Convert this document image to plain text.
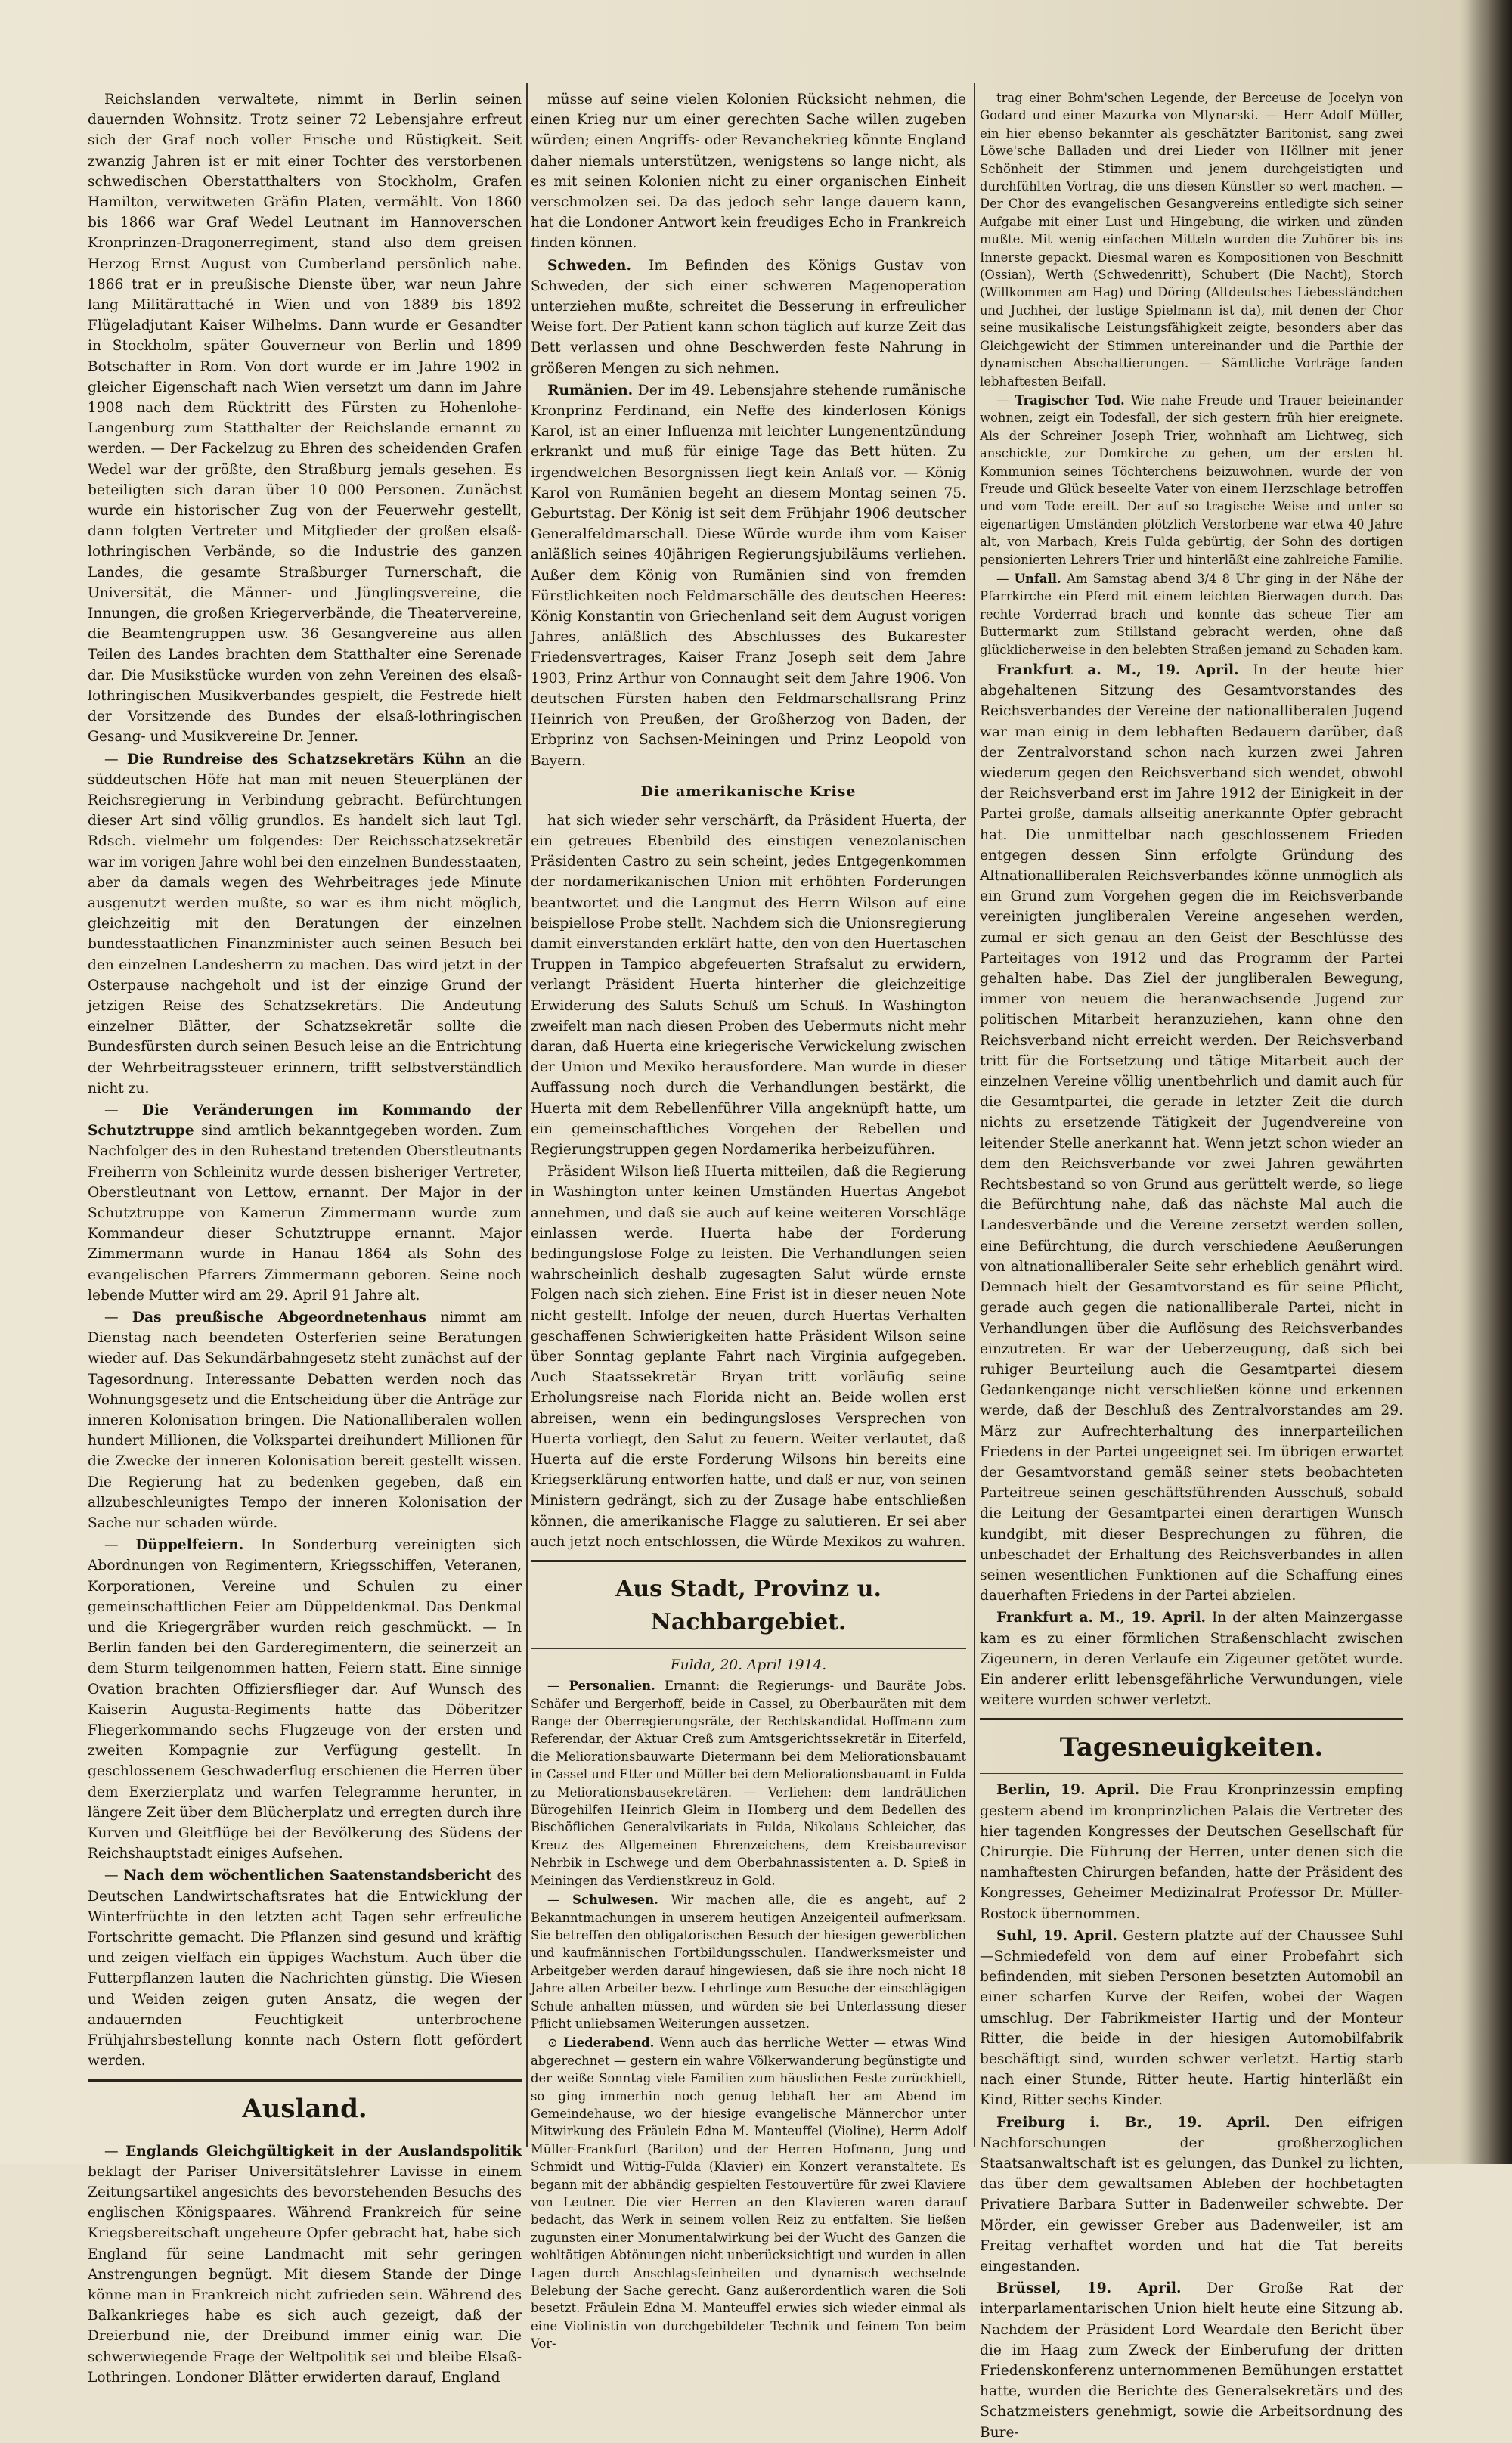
Reichslanden verwaltete, nimmt in Berlin seinen dauernden Wohnsitz. Trotz seiner 72 Lebensjahre erfreut sich der Graf noch voller Frische und Rüstigkeit. Seit zwanzig Jahren ist er mit einer Tochter des verstorbenen schwedischen Oberstatthalters von Stockholm, Grafen Hamilton, verwitweten Gräfin Platen, vermählt. Von 1860 bis 1866 war Graf Wedel Leutnant im Hannoverschen Kronprinzen-Dragonerregiment, stand also dem greisen Herzog Ernst August von Cumberland persönlich nahe. 1866 trat er in preußische Dienste über, war neun Jahre lang Militärattaché in Wien und von 1889 bis 1892 Flügeladjutant Kaiser Wilhelms. Dann wurde er Gesandter in Stockholm, später Gouverneur von Berlin und 1899 Botschafter in Rom. Von dort wurde er im Jahre 1902 in gleicher Eigenschaft nach Wien versetzt um dann im Jahre 1908 nach dem Rücktritt des Fürsten zu Hohenlohe-Langenburg zum Statthalter der Reichslande ernannt zu werden. — Der Fackelzug zu Ehren des scheidenden Grafen Wedel war der größte, den Straßburg jemals gesehen. Es beteiligten sich daran über 10 000 Personen. Zunächst wurde ein historischer Zug von der Feuerwehr gestellt, dann folgten Vertreter und Mitglieder der großen elsaß-lothringischen Verbände, so die Industrie des ganzen Landes, die gesamte Straßburger Turnerschaft, die Universität, die Männer- und Jünglingsvereine, die Innungen, die großen Kriegerverbände, die Theatervereine, die Beamtengruppen usw. 36 Gesangvereine aus allen Teilen des Landes brachten dem Statthalter eine Serenade dar. Die Musikstücke wurden von zehn Vereinen des elsaß-lothringischen Musikverbandes gespielt, die Festrede hielt der Vorsitzende des Bundes der elsaß-lothringischen Gesang- und Musikvereine Dr. Jenner.

— Die Rundreise des Schatzsekretärs Kühn an die süddeutschen Höfe hat man mit neuen Steuerplänen der Reichsregierung in Verbindung gebracht. Befürchtungen dieser Art sind völlig grundlos. Es handelt sich laut Tgl. Rdsch. vielmehr um folgendes: Der Reichsschatzsekretär war im vorigen Jahre wohl bei den einzelnen Bundesstaaten, aber da damals wegen des Wehrbeitrages jede Minute ausgenutzt werden mußte, so war es ihm nicht möglich, gleichzeitig mit den Beratungen der einzelnen bundesstaatlichen Finanzminister auch seinen Besuch bei den einzelnen Landesherrn zu machen. Das wird jetzt in der Osterpause nachgeholt und ist der einzige Grund der jetzigen Reise des Schatzsekretärs. Die Andeutung einzelner Blätter, der Schatzsekretär sollte die Bundesfürsten durch seinen Besuch leise an die Entrichtung der Wehrbeitragssteuer erinnern, trifft selbstverständlich nicht zu.

— Die Veränderungen im Kommando der Schutztruppe sind amtlich bekanntgegeben worden. Zum Nachfolger des in den Ruhestand tretenden Oberstleutnants Freiherrn von Schleinitz wurde dessen bisheriger Vertreter, Oberstleutnant von Lettow, ernannt. Der Major in der Schutztruppe von Kamerun Zimmermann wurde zum Kommandeur dieser Schutztruppe ernannt. Major Zimmermann wurde in Hanau 1864 als Sohn des evangelischen Pfarrers Zimmermann geboren. Seine noch lebende Mutter wird am 29. April 91 Jahre alt.

— Das preußische Abgeordnetenhaus nimmt am Dienstag nach beendeten Osterferien seine Beratungen wieder auf. Das Sekundärbahngesetz steht zunächst auf der Tagesordnung. Interessante Debatten werden noch das Wohnungsgesetz und die Entscheidung über die Anträge zur inneren Kolonisation bringen. Die Nationalliberalen wollen hundert Millionen, die Volkspartei dreihundert Millionen für die Zwecke der inneren Kolonisation bereit gestellt wissen. Die Regierung hat zu bedenken gegeben, daß ein allzubeschleunigtes Tempo der inneren Kolonisation der Sache nur schaden würde.

— Düppelfeiern. In Sonderburg vereinigten sich Abordnungen von Regimentern, Kriegsschiffen, Veteranen, Korporationen, Vereine und Schulen zu einer gemeinschaftlichen Feier am Düppeldenkmal. Das Denkmal und die Kriegergräber wurden reich geschmückt. — In Berlin fanden bei den Garderegimentern, die seinerzeit an dem Sturm teilgenommen hatten, Feiern statt. Eine sinnige Ovation brachten Offiziersflieger dar. Auf Wunsch des Kaiserin Augusta-Regiments hatte das Döberitzer Fliegerkommando sechs Flugzeuge von der ersten und zweiten Kompagnie zur Verfügung gestellt. In geschlossenem Geschwaderflug erschienen die Herren über dem Exerzierplatz und warfen Telegramme herunter, in längere Zeit über dem Blücherplatz und erregten durch ihre Kurven und Gleitflüge bei der Bevölkerung des Südens der Reichshauptstadt einiges Aufsehen.

— Nach dem wöchentlichen Saatenstandsbericht des Deutschen Landwirtschaftsrates hat die Entwicklung der Winterfrüchte in den letzten acht Tagen sehr erfreuliche Fortschritte gemacht. Die Pflanzen sind gesund und kräftig und zeigen vielfach ein üppiges Wachstum. Auch über die Futterpflanzen lauten die Nachrichten günstig. Die Wiesen und Weiden zeigen guten Ansatz, die wegen der andauernden Feuchtigkeit unterbrochene Frühjahrsbestellung konnte nach Ostern flott gefördert werden.

Ausland.

— Englands Gleichgültigkeit in der Auslandspolitik beklagt der Pariser Universitätslehrer Lavisse in einem Zeitungsartikel angesichts des bevorstehenden Besuchs des englischen Königspaares. Während Frankreich für seine Kriegsbereitschaft ungeheure Opfer gebracht hat, habe sich England für seine Landmacht mit sehr geringen Anstrengungen begnügt. Mit diesem Stande der Dinge könne man in Frankreich nicht zufrieden sein. Während des Balkankrieges habe es sich auch gezeigt, daß der Dreierbund nie, der Dreibund immer einig war. Die schwerwiegende Frage der Weltpolitik sei und bleibe Elsaß-Lothringen. Londoner Blätter erwiderten darauf, England

müsse auf seine vielen Kolonien Rücksicht nehmen, die einen Krieg nur um einer gerechten Sache willen zugeben würden; einen Angriffs- oder Revanchekrieg könnte England daher niemals unterstützen, wenigstens so lange nicht, als es mit seinen Kolonien nicht zu einer organischen Einheit verschmolzen sei. Da das jedoch sehr lange dauern kann, hat die Londoner Antwort kein freudiges Echo in Frankreich finden können.

Schweden. Im Befinden des Königs Gustav von Schweden, der sich einer schweren Magenoperation unterziehen mußte, schreitet die Besserung in erfreulicher Weise fort. Der Patient kann schon täglich auf kurze Zeit das Bett verlassen und ohne Beschwerden feste Nahrung in größeren Mengen zu sich nehmen.

Rumänien. Der im 49. Lebensjahre stehende rumänische Kronprinz Ferdinand, ein Neffe des kinderlosen Königs Karol, ist an einer Influenza mit leichter Lungenentzündung erkrankt und muß für einige Tage das Bett hüten. Zu irgendwelchen Besorgnissen liegt kein Anlaß vor. — König Karol von Rumänien begeht an diesem Montag seinen 75. Geburtstag. Der König ist seit dem Frühjahr 1906 deutscher Generalfeldmarschall. Diese Würde wurde ihm vom Kaiser anläßlich seines 40jährigen Regierungsjubiläums verliehen. Außer dem König von Rumänien sind von fremden Fürstlichkeiten noch Feldmarschälle des deutschen Heeres: König Konstantin von Griechenland seit dem August vorigen Jahres, anläßlich des Abschlusses des Bukarester Friedensvertrages, Kaiser Franz Joseph seit dem Jahre 1903, Prinz Arthur von Connaught seit dem Jahre 1906. Von deutschen Fürsten haben den Feldmarschallsrang Prinz Heinrich von Preußen, der Großherzog von Baden, der Erbprinz von Sachsen-Meiningen und Prinz Leopold von Bayern.

Die amerikanische Krise

hat sich wieder sehr verschärft, da Präsident Huerta, der ein getreues Ebenbild des einstigen venezolanischen Präsidenten Castro zu sein scheint, jedes Entgegenkommen der nordamerikanischen Union mit erhöhten Forderungen beantwortet und die Langmut des Herrn Wilson auf eine beispiellose Probe stellt. Nachdem sich die Unionsregierung damit einverstanden erklärt hatte, den von den Huertaschen Truppen in Tampico abgefeuerten Strafsalut zu erwidern, verlangt Präsident Huerta hinterher die gleichzeitige Erwiderung des Saluts Schuß um Schuß. In Washington zweifelt man nach diesen Proben des Uebermuts nicht mehr daran, daß Huerta eine kriegerische Verwickelung zwischen der Union und Mexiko herausfordere. Man wurde in dieser Auffassung noch durch die Verhandlungen bestärkt, die Huerta mit dem Rebellenführer Villa angeknüpft hatte, um ein gemeinschaftliches Vorgehen der Rebellen und Regierungstruppen gegen Nordamerika herbeizuführen.

Präsident Wilson ließ Huerta mitteilen, daß die Regierung in Washington unter keinen Umständen Huertas Angebot annehmen, und daß sie auch auf keine weiteren Vorschläge einlassen werde. Huerta habe der Forderung bedingungslose Folge zu leisten. Die Verhandlungen seien wahrscheinlich deshalb zugesagten Salut würde ernste Folgen nach sich ziehen. Eine Frist ist in dieser neuen Note nicht gestellt. Infolge der neuen, durch Huertas Verhalten geschaffenen Schwierigkeiten hatte Präsident Wilson seine über Sonntag geplante Fahrt nach Virginia aufgegeben. Auch Staatssekretär Bryan tritt vorläufig seine Erholungsreise nach Florida nicht an. Beide wollen erst abreisen, wenn ein bedingungsloses Versprechen von Huerta vorliegt, den Salut zu feuern. Weiter verlautet, daß Huerta auf die erste Forderung Wilsons hin bereits eine Kriegserklärung entworfen hatte, und daß er nur, von seinen Ministern gedrängt, sich zu der Zusage habe entschließen können, die amerikanische Flagge zu salutieren. Er sei aber auch jetzt noch entschlossen, die Würde Mexikos zu wahren.

Aus Stadt, Provinz u. Nachbargebiet.

Fulda, 20. April 1914.

— Personalien. Ernannt: die Regierungs- und Bauräte Jobs. Schäfer und Bergerhoff, beide in Cassel, zu Oberbauräten mit dem Range der Oberregierungsräte, der Rechtskandidat Hoffmann zum Referendar, der Aktuar Creß zum Amtsgerichtssekretär in Eiterfeld, die Meliorationsbauwarte Dietermann bei dem Meliorationsbauamt in Cassel und Etter und Müller bei dem Meliorationsbauamt in Fulda zu Meliorationsbausekretären. — Verliehen: dem landrätlichen Bürogehilfen Heinrich Gleim in Homberg und dem Bedellen des Bischöflichen Generalvikariats in Fulda, Nikolaus Schleicher, das Kreuz des Allgemeinen Ehrenzeichens, dem Kreisbaurevisor Nehrbik in Eschwege und dem Oberbahnassistenten a. D. Spieß in Meiningen das Verdienstkreuz in Gold.

— Schulwesen. Wir machen alle, die es angeht, auf 2 Bekanntmachungen in unserem heutigen Anzeigenteil aufmerksam. Sie betreffen den obligatorischen Besuch der hiesigen gewerblichen und kaufmännischen Fortbildungsschulen. Handwerksmeister und Arbeitgeber werden darauf hingewiesen, daß sie ihre noch nicht 18 Jahre alten Arbeiter bezw. Lehrlinge zum Besuche der einschlägigen Schule anhalten müssen, und würden sie bei Unterlassung dieser Pflicht unliebsamen Weiterungen aussetzen.

⊙ Liederabend. Wenn auch das herrliche Wetter — etwas Wind abgerechnet — gestern ein wahre Völkerwanderung begünstigte und der weiße Sonntag viele Familien zum häuslichen Feste zurückhielt, so ging immerhin noch genug lebhaft her am Abend im Gemeindehause, wo der hiesige evangelische Männerchor unter Mitwirkung des Fräulein Edna M. Manteuffel (Violine), Herrn Adolf Müller-Frankfurt (Bariton) und der Herren Hofmann, Jung und Schmidt und Wittig-Fulda (Klavier) ein Konzert veranstaltete. Es begann mit der abhändig gespielten Festouvertüre für zwei Klaviere von Leutner. Die vier Herren an den Klavieren waren darauf bedacht, das Werk in seinem vollen Reiz zu entfalten. Sie ließen zugunsten einer Monumentalwirkung bei der Wucht des Ganzen die wohltätigen Abtönungen nicht unberücksichtigt und wurden in allen Lagen durch Anschlagsfeinheiten und dynamisch wechselnde Belebung der Sache gerecht. Ganz außerordentlich waren die Soli besetzt. Fräulein Edna M. Manteuffel erwies sich wieder einmal als eine Violinistin von durchgebildeter Technik und feinem Ton beim Vor-

trag einer Bohm'schen Legende, der Berceuse de Jocelyn von Godard und einer Mazurka von Mlynarski. — Herr Adolf Müller, ein hier ebenso bekannter als geschätzter Baritonist, sang zwei Löwe'sche Balladen und drei Lieder von Höllner mit jener Schönheit der Stimmen und jenem durchgeistigten und durchfühlten Vortrag, die uns diesen Künstler so wert machen. — Der Chor des evangelischen Gesangvereins entledigte sich seiner Aufgabe mit einer Lust und Hingebung, die wirken und zünden mußte. Mit wenig einfachen Mitteln wurden die Zuhörer bis ins Innerste gepackt. Diesmal waren es Kompositionen von Beschnitt (Ossian), Werth (Schwedenritt), Schubert (Die Nacht), Storch (Willkommen am Hag) und Döring (Altdeutsches Liebesständchen und Juchhei, der lustige Spielmann ist da), mit denen der Chor seine musikalische Leistungsfähigkeit zeigte, besonders aber das Gleichgewicht der Stimmen untereinander und die Parthie der dynamischen Abschattierungen. — Sämtliche Vorträge fanden lebhaftesten Beifall.

— Tragischer Tod. Wie nahe Freude und Trauer beieinander wohnen, zeigt ein Todesfall, der sich gestern früh hier ereignete. Als der Schreiner Joseph Trier, wohnhaft am Lichtweg, sich anschickte, zur Domkirche zu gehen, um der ersten hl. Kommunion seines Töchterchens beizuwohnen, wurde der von Freude und Glück beseelte Vater von einem Herzschlage betroffen und vom Tode ereilt. Der auf so tragische Weise und unter so eigenartigen Umständen plötzlich Verstorbene war etwa 40 Jahre alt, von Marbach, Kreis Fulda gebürtig, der Sohn des dortigen pensionierten Lehrers Trier und hinterläßt eine zahlreiche Familie.

— Unfall. Am Samstag abend 3/4 8 Uhr ging in der Nähe der Pfarrkirche ein Pferd mit einem leichten Bierwagen durch. Das rechte Vorderrad brach und konnte das scheue Tier am Buttermarkt zum Stillstand gebracht werden, ohne daß glücklicherweise in den belebten Straßen jemand zu Schaden kam.

Frankfurt a. M., 19. April. In der heute hier abgehaltenen Sitzung des Gesamtvorstandes des Reichsverbandes der Vereine der nationalliberalen Jugend war man einig in dem lebhaften Bedauern darüber, daß der Zentralvorstand schon nach kurzen zwei Jahren wiederum gegen den Reichsverband sich wendet, obwohl der Reichsverband erst im Jahre 1912 der Einigkeit in der Partei große, damals allseitig anerkannte Opfer gebracht hat. Die unmittelbar nach geschlossenem Frieden entgegen dessen Sinn erfolgte Gründung des Altnationalliberalen Reichsverbandes könne unmöglich als ein Grund zum Vorgehen gegen die im Reichsverbande vereinigten jungliberalen Vereine angesehen werden, zumal er sich genau an den Geist der Beschlüsse des Parteitages von 1912 und das Programm der Partei gehalten habe. Das Ziel der jungliberalen Bewegung, immer von neuem die heranwachsende Jugend zur politischen Mitarbeit heranzuziehen, kann ohne den Reichsverband nicht erreicht werden. Der Reichsverband tritt für die Fortsetzung und tätige Mitarbeit auch der einzelnen Vereine völlig unentbehrlich und damit auch für die Gesamtpartei, die gerade in letzter Zeit die durch nichts zu ersetzende Tätigkeit der Jugendvereine von leitender Stelle anerkannt hat. Wenn jetzt schon wieder an dem den Reichsverbande vor zwei Jahren gewährten Rechtsbestand so von Grund aus gerüttelt werde, so liege die Befürchtung nahe, daß das nächste Mal auch die Landesverbände und die Vereine zersetzt werden sollen, eine Befürchtung, die durch verschiedene Aeußerungen von altnationalliberaler Seite sehr erheblich genährt wird. Demnach hielt der Gesamtvorstand es für seine Pflicht, gerade auch gegen die nationalliberale Partei, nicht in Verhandlungen über die Auflösung des Reichsverbandes einzutreten. Er war der Ueberzeugung, daß sich bei ruhiger Beurteilung auch die Gesamtpartei diesem Gedankengange nicht verschließen könne und erkennen werde, daß der Beschluß des Zentralvorstandes am 29. März zur Aufrechterhaltung des innerparteilichen Friedens in der Partei ungeeignet sei. Im übrigen erwartet der Gesamtvorstand gemäß seiner stets beobachteten Parteitreue seinen geschäftsführenden Ausschuß, sobald die Leitung der Gesamtpartei einen derartigen Wunsch kundgibt, mit dieser Besprechungen zu führen, die unbeschadet der Erhaltung des Reichsverbandes in allen seinen wesentlichen Funktionen auf die Schaffung eines dauerhaften Friedens in der Partei abzielen.

Frankfurt a. M., 19. April. In der alten Mainzergasse kam es zu einer förmlichen Straßenschlacht zwischen Zigeunern, in deren Verlaufe ein Zigeuner getötet wurde. Ein anderer erlitt lebensgefährliche Verwundungen, viele weitere wurden schwer verletzt.

Tagesneuigkeiten.

Berlin, 19. April. Die Frau Kronprinzessin empfing gestern abend im kronprinzlichen Palais die Vertreter des hier tagenden Kongresses der Deutschen Gesellschaft für Chirurgie. Die Führung der Herren, unter denen sich die namhaftesten Chirurgen befanden, hatte der Präsident des Kongresses, Geheimer Medizinalrat Professor Dr. Müller-Rostock übernommen.

Suhl, 19. April. Gestern platzte auf der Chaussee Suhl—Schmiedefeld von dem auf einer Probefahrt sich befindenden, mit sieben Personen besetzten Automobil an einer scharfen Kurve der Reifen, wobei der Wagen umschlug. Der Fabrikmeister Hartig und der Monteur Ritter, die beide in der hiesigen Automobilfabrik beschäftigt sind, wurden schwer verletzt. Hartig starb nach einer Stunde, Ritter heute. Hartig hinterläßt ein Kind, Ritter sechs Kinder.

Freiburg i. Br., 19. April. Den eifrigen Nachforschungen der großherzoglichen Staatsanwaltschaft ist es gelungen, das Dunkel zu lichten, das über dem gewaltsamen Ableben der hochbetagten Privatiere Barbara Sutter in Badenweiler schwebte. Der Mörder, ein gewisser Greber aus Badenweiler, ist am Freitag verhaftet worden und hat die Tat bereits eingestanden.

Brüssel, 19. April. Der Große Rat der interparlamentarischen Union hielt heute eine Sitzung ab. Nachdem der Präsident Lord Weardale den Bericht über die im Haag zum Zweck der Einberufung der dritten Friedenskonferenz unternommenen Bemühungen erstattet hatte, wurden die Berichte des Generalsekretärs und des Schatzmeisters genehmigt, sowie die Arbeitsordnung des Bure-
